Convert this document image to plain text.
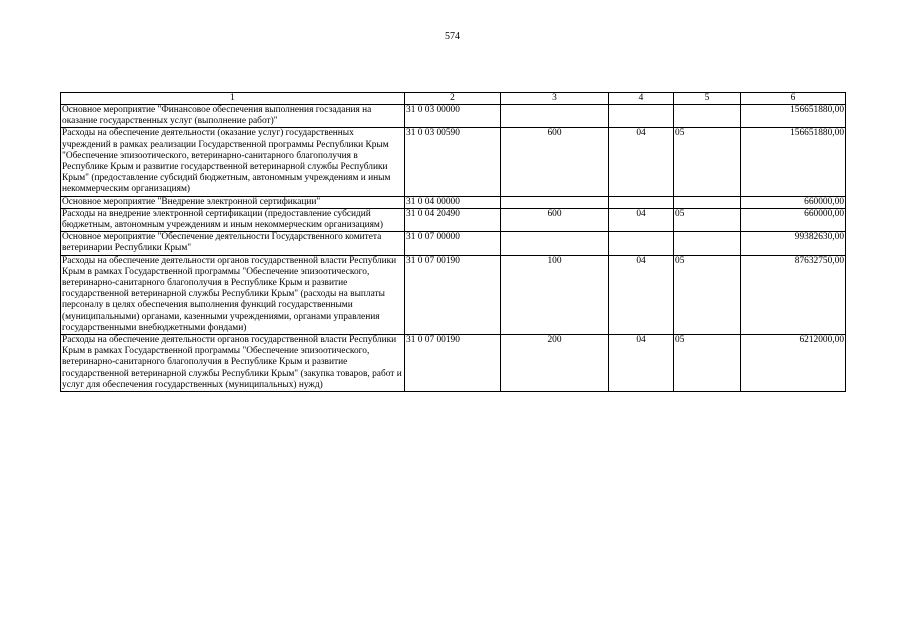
574
1	2	3	4	5	6
Основное мероприятие "Финансовое обеспечения выполнения госзадания на оказание государственных услуг (выполнение работ)"	31 0 03 00000				156651880,00
Расходы на обеспечение деятельности (оказание услуг) государственных учреждений в рамках реализации Государственной программы Республики Крым "Обеспечение эпизоотического, ветеринарно-санитарного благополучия в Республике Крым и развитие государственной ветеринарной службы Республики Крым" (предоставление субсидий бюджетным, автономным учреждениям и иным некоммерческим организациям)	31 0 03 00590	600	04	05	156651880,00
Основное мероприятие "Внедрение электронной сертификации"	31 0 04 00000				660000,00
Расходы на внедрение электронной сертификации (предоставление субсидий бюджетным, автономным учреждениям и иным некоммерческим организациям)	31 0 04 20490	600	04	05	660000,00
Основное мероприятие "Обеспечение деятельности Государственного комитета ветеринарии Республики Крым"	31 0 07 00000				99382630,00
Расходы на обеспечение деятельности органов государственной власти Республики Крым в рамках Государственной программы "Обеспечение эпизоотического, ветеринарно-санитарного благополучия в Республике Крым и развитие государственной ветеринарной службы Республики Крым" (расходы на выплаты персоналу в целях обеспечения выполнения функций государственными (муниципальными) органами, казенными учреждениями, органами управления государственными внебюджетными фондами)	31 0 07 00190	100	04	05	87632750,00
Расходы на обеспечение деятельности органов государственной власти Республики Крым в рамках Государственной программы "Обеспечение эпизоотического, ветеринарно-санитарного благополучия в Республике Крым и развитие государственной ветеринарной службы Республики Крым" (закупка товаров, работ и услуг для обеспечения государственных (муниципальных) нужд)	31 0 07 00190	200	04	05	6212000,00
